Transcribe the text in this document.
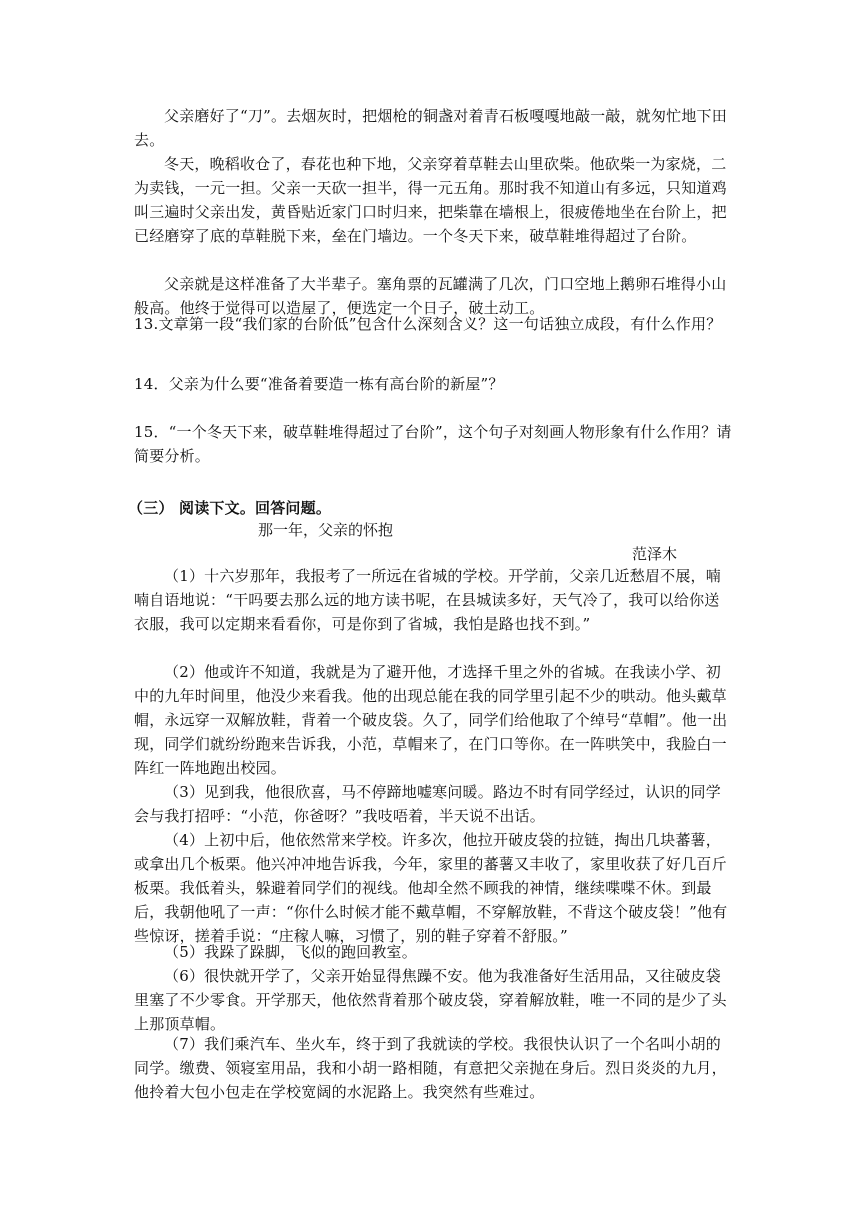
父亲磨好了“刀”。去烟灰时，把烟枪的铜盏对着青石板嘎嘎地敲一敲，就匆忙地下田去。

冬天，晚稻收仓了，春花也种下地，父亲穿着草鞋去山里砍柴。他砍柴一为家烧，二为卖钱，一元一担。父亲一天砍一担半，得一元五角。那时我不知道山有多远，只知道鸡叫三遍时父亲出发，黄昏贴近家门口时归来，把柴靠在墙根上，很疲倦地坐在台阶上，把已经磨穿了底的草鞋脱下来，垒在门墙边。一个冬天下来，破草鞋堆得超过了台阶。

父亲就是这样准备了大半辈子。塞角票的瓦罐满了几次，门口空地上鹅卵石堆得小山般高。他终于觉得可以造屋了，便选定一个日子，破土动工。

13.文章第一段“我们家的台阶低”包含什么深刻含义？这一句话独立成段，有什么作用？

14．父亲为什么要“准备着要造一栋有高台阶的新屋”？

15．“一个冬天下来，破草鞋堆得超过了台阶”，这个句子对刻画人物形象有什么作用？请简要分析。

（三） 阅读下文。回答问题。

那一年，父亲的怀抱
范泽木

（1）十六岁那年，我报考了一所远在省城的学校。开学前，父亲几近愁眉不展，喃喃自语地说：“干吗要去那么远的地方读书呢，在县城读多好，天气冷了，我可以给你送衣服，我可以定期来看看你，可是你到了省城，我怕是路也找不到。”

（2）他或许不知道，我就是为了避开他，才选择千里之外的省城。在我读小学、初中的九年时间里，他没少来看我。他的出现总能在我的同学里引起不少的哄动。他头戴草帽，永远穿一双解放鞋，背着一个破皮袋。久了，同学们给他取了个绰号“草帽”。他一出现，同学们就纷纷跑来告诉我，小范，草帽来了，在门口等你。在一阵哄笑中，我脸白一阵红一阵地跑出校园。

（3）见到我，他很欣喜，马不停蹄地嘘寒问暖。路边不时有同学经过，认识的同学会与我打招呼：“小范，你爸呀？”我吱唔着，半天说不出话。

（4）上初中后，他依然常来学校。许多次，他拉开破皮袋的拉链，掏出几块蕃薯，或拿出几个板栗。他兴冲冲地告诉我，今年，家里的蕃薯又丰收了，家里收获了好几百斤板栗。我低着头，躲避着同学们的视线。他却全然不顾我的神情，继续喋喋不休。到最后，我朝他吼了一声：“你什么时候才能不戴草帽，不穿解放鞋，不背这个破皮袋！”他有些惊讶，搓着手说：“庄稼人嘛，习惯了，别的鞋子穿着不舒服。”

（5）我跺了跺脚，飞似的跑回教室。

（6）很快就开学了，父亲开始显得焦躁不安。他为我准备好生活用品，又往破皮袋里塞了不少零食。开学那天，他依然背着那个破皮袋，穿着解放鞋，唯一不同的是少了头上那顶草帽。

（7）我们乘汽车、坐火车，终于到了我就读的学校。我很快认识了一个名叫小胡的同学。缴费、领寝室用品，我和小胡一路相随，有意把父亲抛在身后。烈日炎炎的九月，他拎着大包小包走在学校宽阔的水泥路上。我突然有些难过。
